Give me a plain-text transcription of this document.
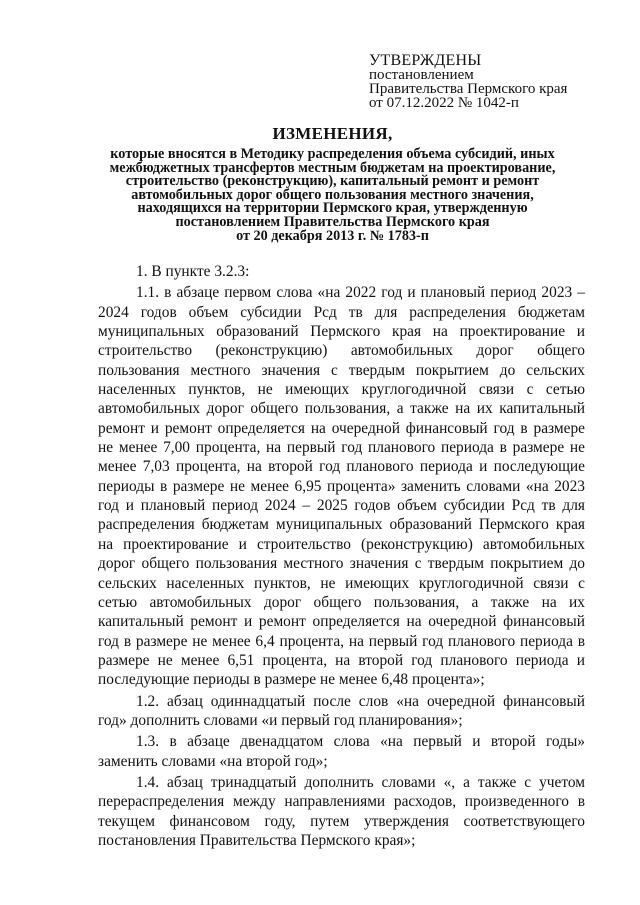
УТВЕРЖДЕНЫ
постановлением
Правительства Пермского края
от 07.12.2022 № 1042-п
ИЗМЕНЕНИЯ,
которые вносятся в Методику распределения объема субсидий, иных
межбюджетных трансфертов местным бюджетам на проектирование,
строительство (реконструкцию), капитальный ремонт и ремонт
автомобильных дорог общего пользования местного значения,
находящихся на территории Пермского края, утвержденную
постановлением Правительства Пермского края
от 20 декабря 2013 г. № 1783-п

1. В пункте 3.2.3:

1.1. в абзаце первом слова «на 2022 год и плановый период 2023 – 2024 годов объем субсидии Рсд тв для распределения бюджетам муниципальных образований Пермского края на проектирование и строительство (реконструкцию) автомобильных дорог общего пользования местного значения с твердым покрытием до сельских населенных пунктов, не имеющих круглогодичной связи с сетью автомобильных дорог общего пользования, а также на их капитальный ремонт и ремонт определяется на очередной финансовый год в размере не менее 7,00 процента, на первый год планового периода в размере не менее 7,03 процента, на второй год планового периода и последующие периоды в размере не менее 6,95 процента» заменить словами «на 2023 год и плановый период 2024 – 2025 годов объем субсидии Рсд тв для распределения бюджетам муниципальных образований Пермского края на проектирование и строительство (реконструкцию) автомобильных дорог общего пользования местного значения с твердым покрытием до сельских населенных пунктов, не имеющих круглогодичной связи с сетью автомобильных дорог общего пользования, а также на их капитальный ремонт и ремонт определяется на очередной финансовый год в размере не менее 6,4 процента, на первый год планового периода в размере не менее 6,51 процента, на второй год планового периода и последующие периоды в размере не менее 6,48 процента»;

1.2. абзац одиннадцатый после слов «на очередной финансовый год» дополнить словами «и первый год планирования»;

1.3. в абзаце двенадцатом слова «на первый и второй годы» заменить словами «на второй год»;

1.4. абзац тринадцатый дополнить словами «, а также с учетом перераспределения между направлениями расходов, произведенного в текущем финансовом году, путем утверждения соответствующего постановления Правительства Пермского края»;
